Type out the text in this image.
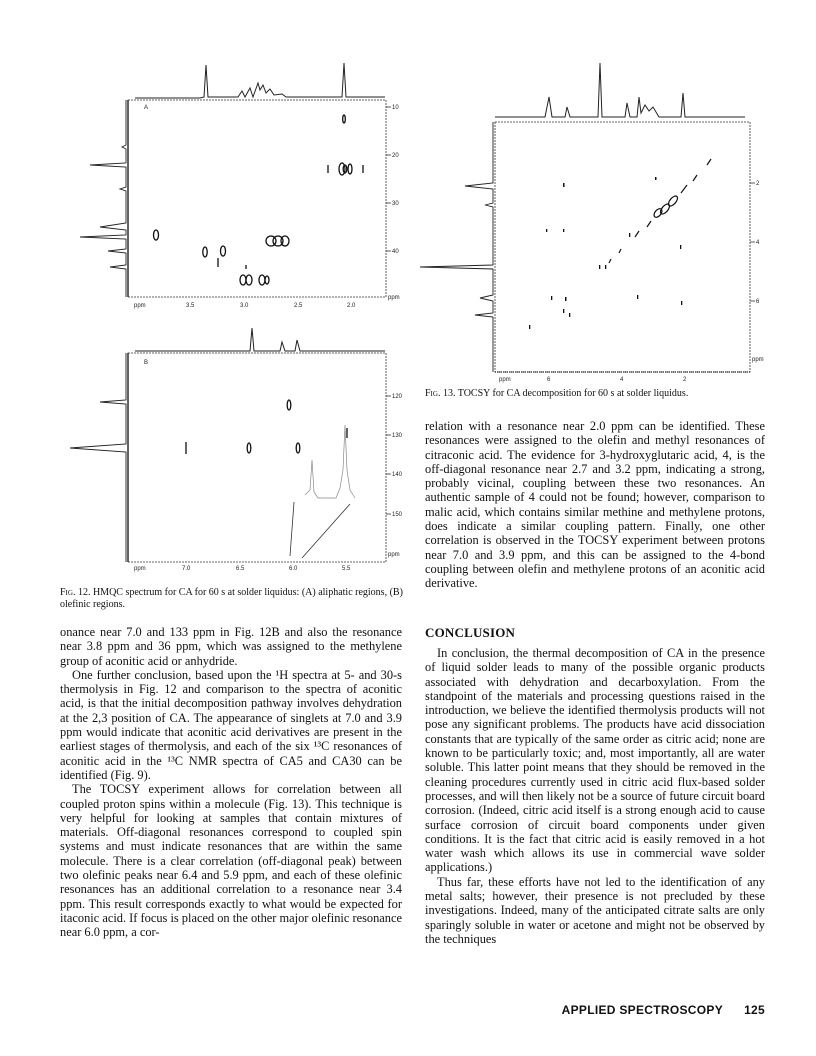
A	10
20
30
40
ppm
ppm	3.5	3.0	2.5	2.0
B
120
130
140
150
ppm
ppm	7.0	6.5	6.0	5.5
Fig. 12. HMQC spectrum for CA for 60 s at solder liquidus: (A) aliphatic regions, (B) olefinic regions.
2
4
6
ppm
ppm	6	4	2
Fig. 13. TOCSY for CA decomposition for 60 s at solder liquidus.

onance near 7.0 and 133 ppm in Fig. 12B and also the resonance near 3.8 ppm and 36 ppm, which was assigned to the methylene group of aconitic acid or anhydride.

One further conclusion, based upon the ¹H spectra at 5- and 30-s thermolysis in Fig. 12 and comparison to the spectra of aconitic acid, is that the initial decomposition pathway involves dehydration at the 2,3 position of CA. The appearance of singlets at 7.0 and 3.9 ppm would indicate that aconitic acid derivatives are present in the earliest stages of thermolysis, and each of the six ¹³C resonances of aconitic acid in the ¹³C NMR spectra of CA5 and CA30 can be identified (Fig. 9).

The TOCSY experiment allows for correlation between all coupled proton spins within a molecule (Fig. 13). This technique is very helpful for looking at samples that contain mixtures of materials. Off-diagonal resonances correspond to coupled spin systems and must indicate resonances that are within the same molecule. There is a clear correlation (off-diagonal peak) between two olefinic peaks near 6.4 and 5.9 ppm, and each of these olefinic resonances has an additional correlation to a resonance near 3.4 ppm. This result corresponds exactly to what would be expected for itaconic acid. If focus is placed on the other major olefinic resonance near 6.0 ppm, a cor-

relation with a resonance near 2.0 ppm can be identified. These resonances were assigned to the olefin and methyl resonances of citraconic acid. The evidence for 3-hydroxyglutaric acid, 4, is the off-diagonal resonance near 2.7 and 3.2 ppm, indicating a strong, probably vicinal, coupling between these two resonances. An authentic sample of 4 could not be found; however, comparison to malic acid, which contains similar methine and methylene protons, does indicate a similar coupling pattern. Finally, one other correlation is observed in the TOCSY experiment between protons near 7.0 and 3.9 ppm, and this can be assigned to the 4-bond coupling between olefin and methylene protons of an aconitic acid derivative.

CONCLUSION

In conclusion, the thermal decomposition of CA in the presence of liquid solder leads to many of the possible organic products associated with dehydration and decarboxylation. From the standpoint of the materials and processing questions raised in the introduction, we believe the identified thermolysis products will not pose any significant problems. The products have acid dissociation constants that are typically of the same order as citric acid; none are known to be particularly toxic; and, most importantly, all are water soluble. This latter point means that they should be removed in the cleaning procedures currently used in citric acid flux-based solder processes, and will then likely not be a source of future circuit board corrosion. (Indeed, citric acid itself is a strong enough acid to cause surface corrosion of circuit board components under given conditions. It is the fact that citric acid is easily removed in a hot water wash which allows its use in commercial wave solder applications.)

Thus far, these efforts have not led to the identification of any metal salts; however, their presence is not precluded by these investigations. Indeed, many of the anticipated citrate salts are only sparingly soluble in water or acetone and might not be observed by the techniques

APPLIED SPECTROSCOPY 125
